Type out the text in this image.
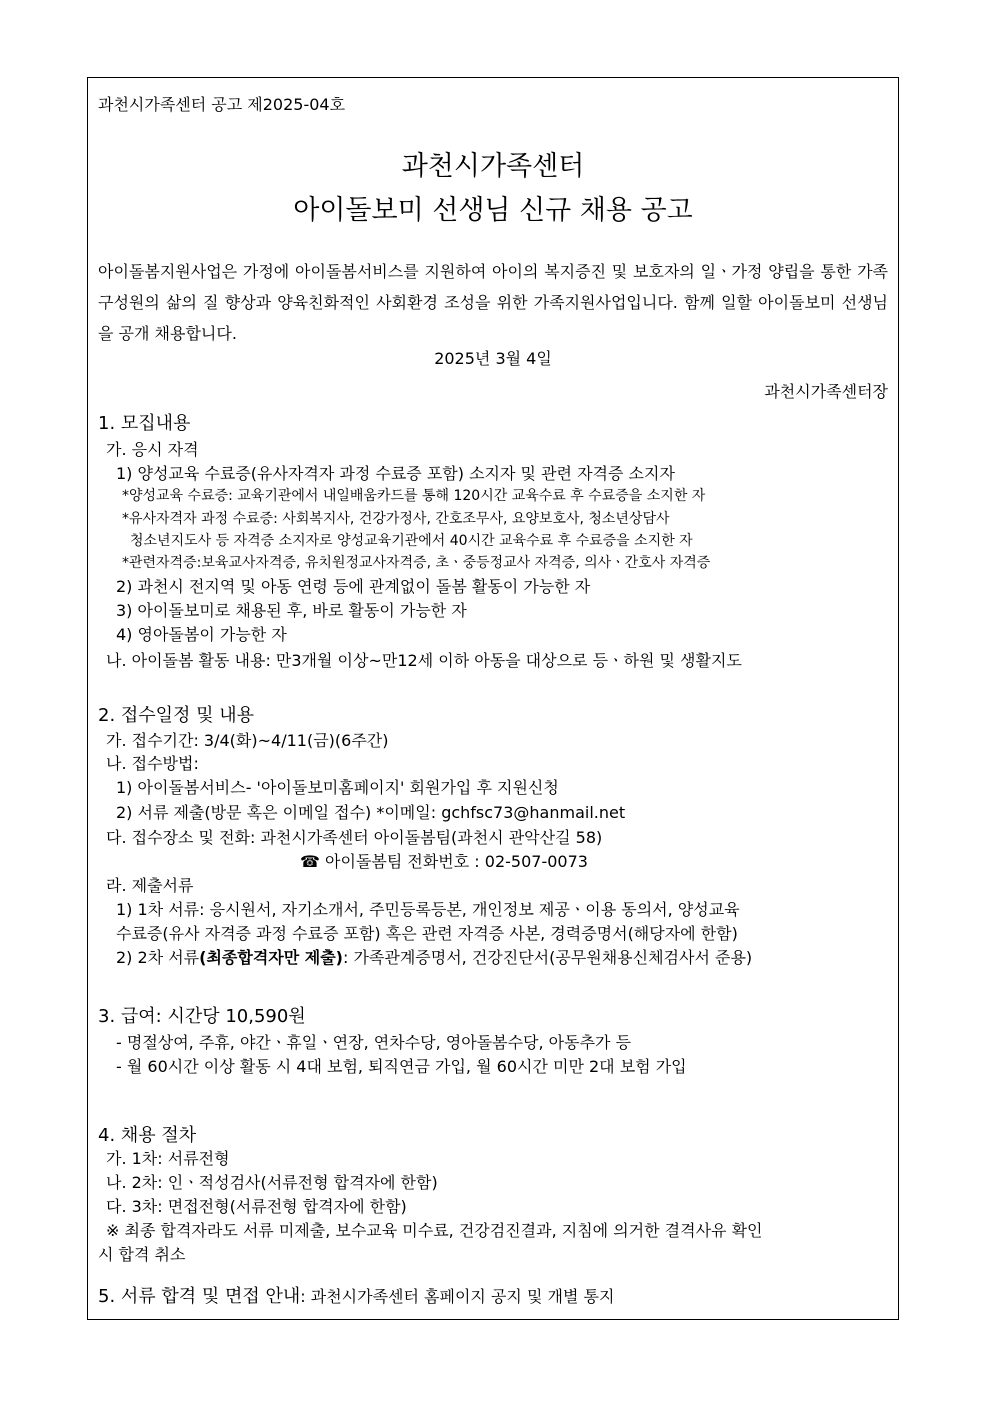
과천시가족센터 공고 제2025-04호
과천시가족센터
아이돌보미 선생님 신규 채용 공고
아이돌봄지원사업은 가정에 아이돌봄서비스를 지원하여 아이의 복지증진 및 보호자의 일ㆍ가정 양립을 통한 가족구성원의 삶의 질 향상과 양육친화적인 사회환경 조성을 위한 가족지원사업입니다. 함께 일할 아이돌보미 선생님을 공개 채용합니다.
2025년 3월 4일
과천시가족센터장
1. 모집내용
가. 응시 자격
1) 양성교육 수료증(유사자격자 과정 수료증 포함) 소지자 및 관련 자격증 소지자
*양성교육 수료증: 교육기관에서 내일배움카드를 통해 120시간 교육수료 후 수료증을 소지한 자
*유사자격자 과정 수료증: 사회복지사, 건강가정사, 간호조무사, 요양보호사, 청소년상담사
청소년지도사 등 자격증 소지자로 양성교육기관에서 40시간 교육수료 후 수료증을 소지한 자
*관련자격증:보육교사자격증, 유치원정교사자격증, 초ㆍ중등정교사 자격증, 의사ㆍ간호사 자격증
2) 과천시 전지역 및 아동 연령 등에 관계없이 돌봄 활동이 가능한 자
3) 아이돌보미로 채용된 후, 바로 활동이 가능한 자
4) 영아돌봄이 가능한 자
나. 아이돌봄 활동 내용: 만3개월 이상~만12세 이하 아동을 대상으로 등ㆍ하원 및 생활지도
2. 접수일정 및 내용
가. 접수기간: 3/4(화)~4/11(금)(6주간)
나. 접수방법:
1) 아이돌봄서비스- '아이돌보미홈페이지' 회원가입 후 지원신청
2) 서류 제출(방문 혹은 이메일 접수) *이메일: gchfsc73@hanmail.net
다. 접수장소 및 전화: 과천시가족센터 아이돌봄팀(과천시 관악산길 58)
☎ 아이돌봄팀 전화번호 : 02-507-0073
라. 제출서류
1) 1차 서류: 응시원서, 자기소개서, 주민등록등본, 개인정보 제공ㆍ이용 동의서, 양성교육
수료증(유사 자격증 과정 수료증 포함) 혹은 관련 자격증 사본, 경력증명서(해당자에 한함)
2) 2차 서류(최종합격자만 제출): 가족관계증명서, 건강진단서(공무원채용신체검사서 준용)
3. 급여: 시간당 10,590원
- 명절상여, 주휴, 야간ㆍ휴일ㆍ연장, 연차수당, 영아돌봄수당, 아동추가 등
- 월 60시간 이상 활동 시 4대 보험, 퇴직연금 가입, 월 60시간 미만 2대 보험 가입
4. 채용 절차
가. 1차: 서류전형
나. 2차: 인ㆍ적성검사(서류전형 합격자에 한함)
다. 3차: 면접전형(서류전형 합격자에 한함)
※ 최종 합격자라도 서류 미제출, 보수교육 미수료, 건강검진결과, 지침에 의거한 결격사유 확인
시 합격 취소
5. 서류 합격 및 면접 안내: 과천시가족센터 홈페이지 공지 및 개별 통지
